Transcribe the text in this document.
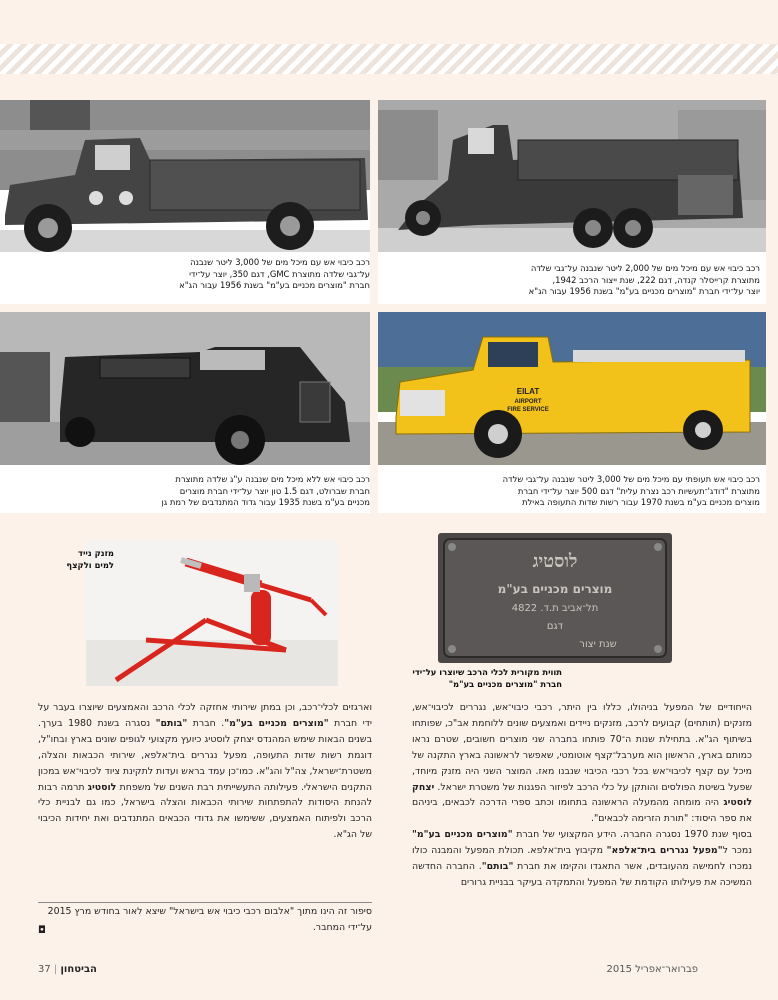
רכב כיבוי אש עם מיכל מים של 2,000 ליטר שנבנה על־גבי שלדה
מתוצרת קרייסלר קנדה, דגם 222, שנת ייצור הרכב 1942,
יוצר על־ידי חברת "מוצרים מכניים בע"מ" בשנת 1956 עבור הג"א

רכב כיבוי אש עם מיכל מים של 3,000 ליטר שנבנה
על־גבי שלדה מתוצרת GMC, דגם 350, יוצר על־ידי
חברת "מוצרים מכניים בע"מ" בשנת 1956 עבור הג"א

EILAT
AIRPORT
FIRE SERVICE

רכב כיבוי אש תעופתי עם מיכל מים של 3,000 ליטר שנבנה על־גבי שלדה
מתוצרת "דודג'־תעשיות רכב נצרת עלית" דגם 500 יוצר על־ידי חברת
מוצרים מכניים בע"מ בשנת 1970 עבור רשות שדות התעופה באילת

רכב כיבוי אש ללא מיכל מים שנבנה ע"ג שלדה מתוצרת
חברת שברולט, דגם 1.5 טון יוצר על־ידי חברת מוצרים
מכניים בע"מ בשנת 1935 עבור גדוד המתנדבים של רמת גן

לוסטיג
מוצרים מכניים בע"מ
תל־אביב ת.ד. 4822
דגם
שנת יצור

תווית מקורית לכלי הרכב שיוצרו על־ידי
חברת "מוצרים מכניים בע"מ"

מזנק נייד
למים ולקצף

הייחודיים של המפעל בניהולו, כללו בין היתר, רכבי כיבוי־אש, נגררים לכיבוי־אש, מזנקים (תותחים) קבועים לרכב, מזנקים ניידים ואמצעים שונים ללוחמת אב"כ, שפותחו בשיתוף הג"א. בתחילת שנות ה־70 פותחו בחברה שני מוצרים חשובים, שטרם נראו כמותם בארץ, הראשון הוא מערבל־קצף אוטומטי, שאפשר לראשונה בארץ התקנה של מיכל עם קצף לכיבוי־אש בכל רכבי הכיבוי שנבנו מאז. המוצר השני היה מזנק מיוחד, שפעל בשיטת הפולסים והותקן על כלי הרכב לפיזור הפגנות של משטרת ישראל. יצחק לוסטיג היה מומחה מהמעלה הראשונה בתחומו וכתב ספרי הדרכה לכבאים, ביניהם את ספר היסוד: "תורת הזרימה לכבאים".
בסוף שנת 1970 נסגרה החברה. הידע המקצועי של חברת "מוצרים מכניים בע"מ" נמכר ל"מפעל נגררים בית־אלפא" מקיבוץ בית־אלפא. תכולת המפעל והמבנה כולו נמכרו לחמישה מהעובדים, אשר התאגדו והקימו את חברת "בותם". החברה החדשה המשיכה את פעילותו הקודמת של המפעל והתמקדה בעיקר בבניית גרורים

וארגזים לכלי־רכב, וכן במתן שירותי אחזקה לכלי הרכב והאמצעים שיוצרו בעבר על ידי חברת "מוצרים מכניים בע"מ". חברת "בותם" נסגרה בשנת 1980 בערך. בשנים הבאות שימש המהנדס יצחק לוסטיג כיועץ מקצועי לגופים שונים בארץ ובחו"ל, דוגמת רשות שדות התעופה, מפעל נגררים בית־אלפא, שירותי הכבאות והצלה, משטרת־ישראל, צה"ל והג"א. כמו־כן עמד בראש ועדות לתקינת ציוד לכיבוי־אש במכון התקנים הישראלי. פעילותה התעשייתית רבת השנים של משפחת לוסטיג תרמה רבות להנחת היסודות להתפתחות שירותי הכבאות והצלה בישראל, כמו גם לבניית כלי הרכב ולפיתוח האמצעים, ששימשו את גדודי הכבאים המתנדבים ואת יחידות הכיבוי של הג"א.

סיפור זה הינו מתוך "אלבום רכבי כיבוי אש בישראל" שיצא לאור בחודש מרץ 2015 על־ידי המחבר.

◘
37 | הביטחון	פברואר־אפריל 2015
